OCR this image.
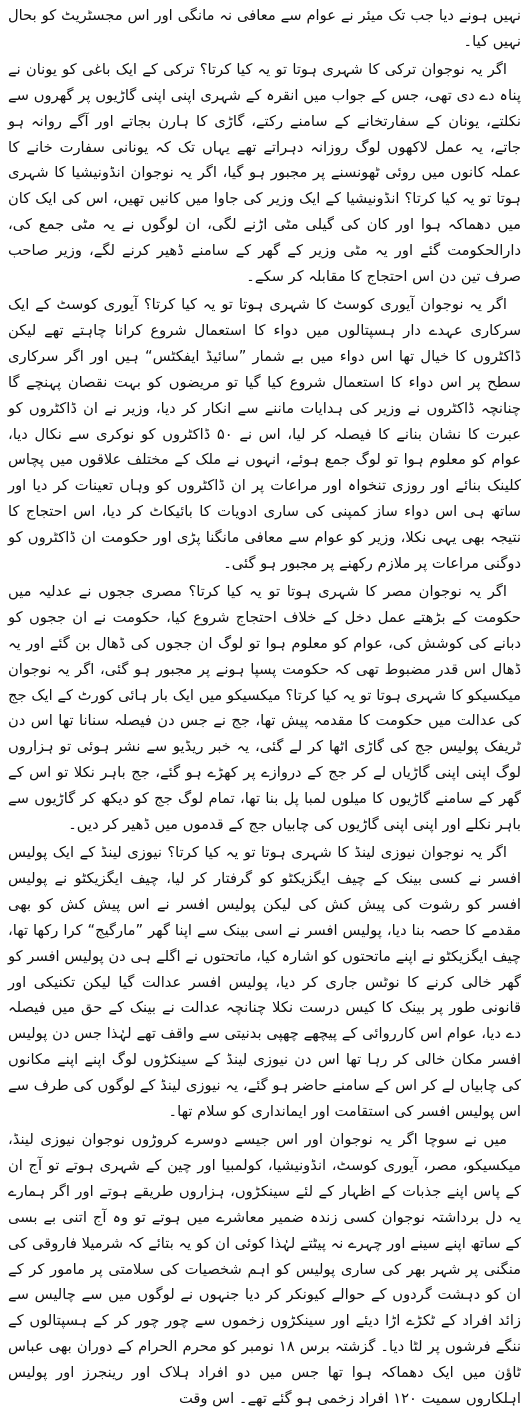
نہیں ہونے دیا جب تک میئر نے عوام سے معافی نہ مانگی اور اس مجسٹریٹ کو بحال نہیں کیا۔

اگر یہ نوجوان ترکی کا شہری ہوتا تو یہ کیا کرتا؟ ترکی کے ایک باغی کو یونان نے پناہ دے دی تھی، جس کے جواب میں انقرہ کے شہری اپنی اپنی گاڑیوں پر گھروں سے نکلتے، یونان کے سفارتخانے کے سامنے رکتے، گاڑی کا ہارن بجاتے اور آگے روانہ ہو جاتے، یہ عمل لاکھوں لوگ روزانہ دہراتے تھے یہاں تک کہ یونانی سفارت خانے کا عملہ کانوں میں روئی ٹھونسنے پر مجبور ہو گیا، اگر یہ نوجوان انڈونیشیا کا شہری ہوتا تو یہ کیا کرتا؟ انڈونیشیا کے ایک وزیر کی جاوا میں کانیں تھیں، اس کی ایک کان میں دھماکہ ہوا اور کان کی گیلی مٹی اڑنے لگی، ان لوگوں نے یہ مٹی جمع کی، دارالحکومت گئے اور یہ مٹی وزیر کے گھر کے سامنے ڈھیر کرنے لگے، وزیر صاحب صرف تین دن اس احتجاج کا مقابلہ کر سکے۔

اگر یہ نوجوان آیوری کوسٹ کا شہری ہوتا تو یہ کیا کرتا؟ آیوری کوسٹ کے ایک سرکاری عہدے دار ہسپتالوں میں دواء کا استعمال شروع کرانا چاہتے تھے لیکن ڈاکٹروں کا خیال تھا اس دواء میں بے شمار ”سائیڈ ایفکٹس“ ہیں اور اگر سرکاری سطح پر اس دواء کا استعمال شروع کیا گیا تو مریضوں کو بہت نقصان پہنچے گا چنانچہ ڈاکٹروں نے وزیر کی ہدایات ماننے سے انکار کر دیا، وزیر نے ان ڈاکٹروں کو عبرت کا نشان بنانے کا فیصلہ کر لیا، اس نے ۵۰ ڈاکٹروں کو نوکری سے نکال دیا، عوام کو معلوم ہوا تو لوگ جمع ہوئے، انہوں نے ملک کے مختلف علاقوں میں پچاس کلینک بنائے اور روزی تنخواہ اور مراعات پر ان ڈاکٹروں کو وہاں تعینات کر دیا اور ساتھ ہی اس دواء ساز کمپنی کی ساری ادویات کا بائیکاٹ کر دیا، اس احتجاج کا نتیجہ بھی یہی نکلا، وزیر کو عوام سے معافی مانگنا پڑی اور حکومت ان ڈاکٹروں کو دوگنی مراعات پر ملازم رکھنے پر مجبور ہو گئی۔

اگر یہ نوجوان مصر کا شہری ہوتا تو یہ کیا کرتا؟ مصری ججوں نے عدلیہ میں حکومت کے بڑھتے عمل دخل کے خلاف احتجاج شروع کیا، حکومت نے ان ججوں کو دبانے کی کوشش کی، عوام کو معلوم ہوا تو لوگ ان ججوں کی ڈھال بن گئے اور یہ ڈھال اس قدر مضبوط تھی کہ حکومت پسپا ہونے پر مجبور ہو گئی، اگر یہ نوجوان میکسیکو کا شہری ہوتا تو یہ کیا کرتا؟ میکسیکو میں ایک بار ہائی کورٹ کے ایک جج کی عدالت میں حکومت کا مقدمہ پیش تھا، جج نے جس دن فیصلہ سنانا تھا اس دن ٹریفک پولیس جج کی گاڑی اٹھا کر لے گئی، یہ خبر ریڈیو سے نشر ہوئی تو ہزاروں لوگ اپنی اپنی گاڑیاں لے کر جج کے دروازے پر کھڑے ہو گئے، جج باہر نکلا تو اس کے گھر کے سامنے گاڑیوں کا میلوں لمبا پل بنا تھا، تمام لوگ جج کو دیکھ کر گاڑیوں سے باہر نکلے اور اپنی اپنی گاڑیوں کی چابیاں جج کے قدموں میں ڈھیر کر دیں۔

اگر یہ نوجوان نیوزی لینڈ کا شہری ہوتا تو یہ کیا کرتا؟ نیوزی لینڈ کے ایک پولیس افسر نے کسی بینک کے چیف ایگزیکٹو کو گرفتار کر لیا، چیف ایگزیکٹو نے پولیس افسر کو رشوت کی پیش کش کی لیکن پولیس افسر نے اس پیش کش کو بھی مقدمے کا حصہ بنا دیا، پولیس افسر نے اسی بینک سے اپنا گھر ”مارگیج“ کرا رکھا تھا، چیف ایگزیکٹو نے اپنے ماتحتوں کو اشارہ کیا، ماتحتوں نے اگلے ہی دن پولیس افسر کو گھر خالی کرنے کا نوٹس جاری کر دیا، پولیس افسر عدالت گیا لیکن تکنیکی اور قانونی طور پر بینک کا کیس درست نکلا چنانچہ عدالت نے بینک کے حق میں فیصلہ دے دیا، عوام اس کارروائی کے پیچھے چھپی بدنیتی سے واقف تھے لہٰذا جس دن پولیس افسر مکان خالی کر رہا تھا اس دن نیوزی لینڈ کے سینکڑوں لوگ اپنے اپنے مکانوں کی چابیاں لے کر اس کے سامنے حاضر ہو گئے، یہ نیوزی لینڈ کے لوگوں کی طرف سے اس پولیس افسر کی استقامت اور ایمانداری کو سلام تھا۔

میں نے سوچا اگر یہ نوجوان اور اس جیسے دوسرے کروڑوں نوجوان نیوزی لینڈ، میکسیکو، مصر، آیوری کوسٹ، انڈونیشیا، کولمبیا اور چین کے شہری ہوتے تو آج ان کے پاس اپنے جذبات کے اظہار کے لئے سینکڑوں، ہزاروں طریقے ہوتے اور اگر ہمارے یہ دل برداشتہ نوجوان کسی زندہ ضمیر معاشرے میں ہوتے تو وہ آج اتنی بے بسی کے ساتھ اپنے سینے اور چہرے نہ پیٹتے لہٰذا کوئی ان کو یہ بتائے کہ شرمیلا فاروقی کی منگنی پر شہر بھر کی ساری پولیس کو اہم شخصیات کی سلامتی پر مامور کر کے ان کو دہشت گردوں کے حوالے کیونکر کر دیا جنہوں نے لوگوں میں سے چالیس سے زائد افراد کے ٹکڑے اڑا دیئے اور سینکڑوں زخموں سے چور چور کر کے ہسپتالوں کے ننگے فرشوں پر لٹا دیا۔ گزشتہ برس ۱۸ نومبر کو محرم الحرام کے دوران بھی عباس ٹاؤن میں ایک دھماکہ ہوا تھا جس میں دو افراد ہلاک اور رینجرز اور پولیس اہلکاروں سمیت ۱۲۰ افراد زخمی ہو گئے تھے۔ اس وقت
